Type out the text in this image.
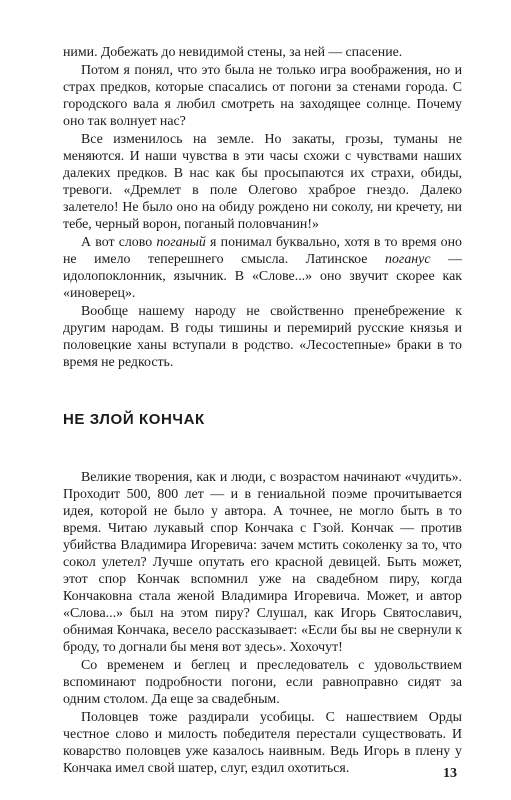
ними. Добежать до невидимой стены, за ней — спасение.

Потом я понял, что это была не только игра воображения, но и страх предков, которые спасались от погони за стенами города. С городского вала я любил смотреть на заходящее солнце. Почему оно так волнует нас?

Все изменилось на земле. Но закаты, грозы, туманы не меняются. И наши чувства в эти часы схожи с чувствами наших далеких предков. В нас как бы просыпаются их страхи, обиды, тревоги. «Дремлет в поле Олегово храброе гнездо. Далеко залетело! Не было оно на обиду рождено ни соколу, ни кречету, ни тебе, черный ворон, поганый половчанин!»

А вот слово поганый я понимал буквально, хотя в то время оно не имело теперешнего смысла. Латинское поганус — идолопоклонник, язычник. В «Слове...» оно звучит скорее как «иноверец».

Вообще нашему народу не свойственно пренебрежение к другим народам. В годы тишины и перемирий русские князья и половецкие ханы вступали в родство. «Лесостепные» браки в то время не редкость.

НЕ ЗЛОЙ КОНЧАК

Великие творения, как и люди, с возрастом начинают «чудить». Проходит 500, 800 лет — и в гениальной поэме прочитывается идея, которой не было у автора. А точнее, не могло быть в то время. Читаю лукавый спор Кончака с Гзой. Кончак — против убийства Владимира Игоревича: зачем мстить соколенку за то, что сокол улетел? Лучше опутать его красной девицей. Быть может, этот спор Кончак вспомнил уже на свадебном пиру, когда Кончаковна стала женой Владимира Игоревича. Может, и автор «Слова...» был на этом пиру? Слушал, как Игорь Святославич, обнимая Кончака, весело рассказывает: «Если бы вы не свернули к броду, то догнали бы меня вот здесь». Хохочут!

Со временем и беглец и преследователь с удовольствием вспоминают подробности погони, если равноправно сидят за одним столом. Да еще за свадебным.

Половцев тоже раздирали усобицы. С нашествием Орды честное слово и милость победителя перестали существовать. И коварство половцев уже казалось наивным. Ведь Игорь в плену у Кончака имел свой шатер, слуг, ездил охотиться.	13
